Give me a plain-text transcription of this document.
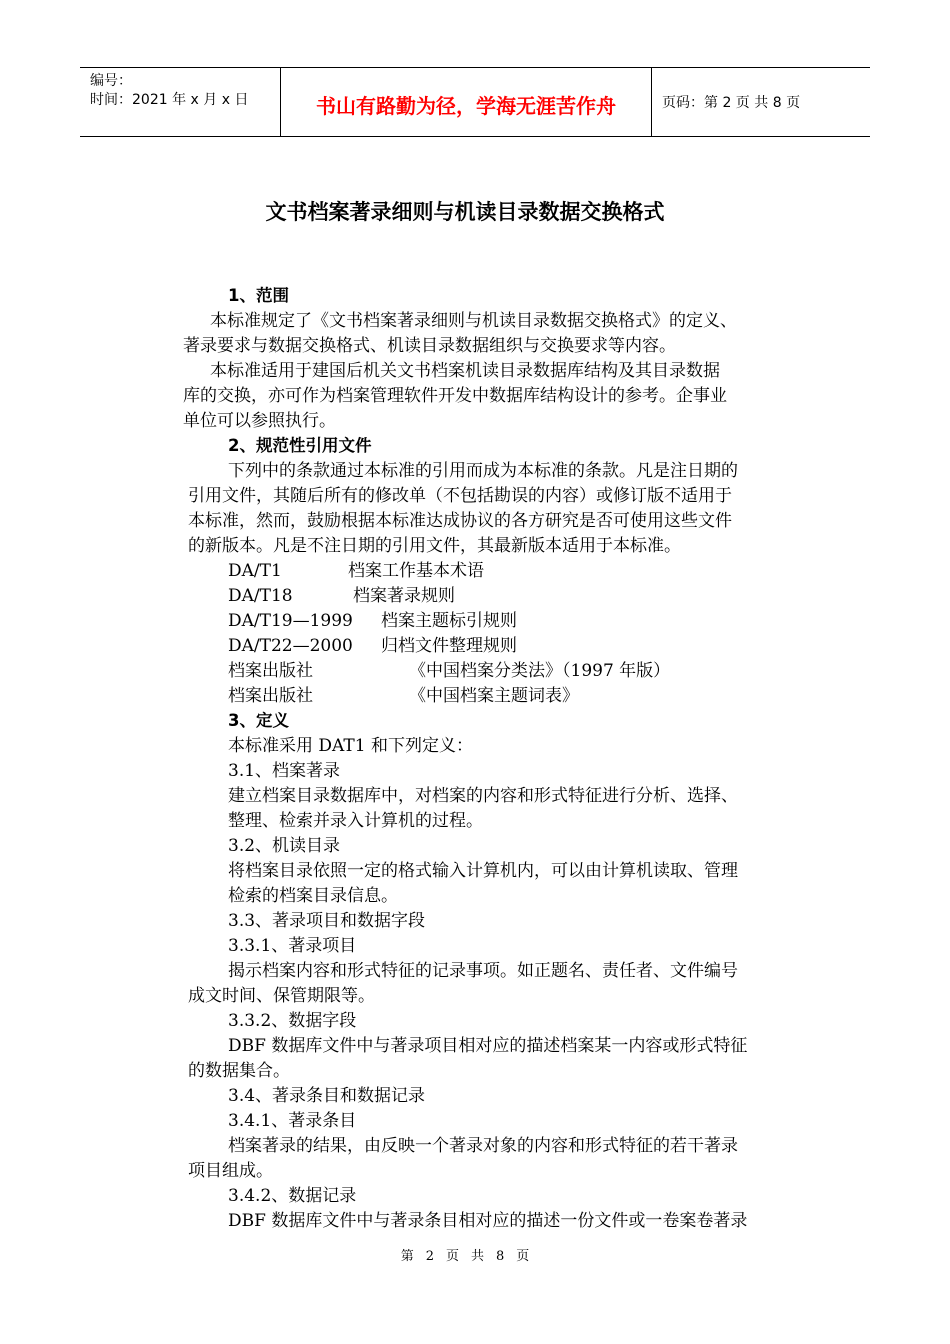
编号：
时间：2021 年 x 月 x 日	书山有路勤为径，学海无涯苦作舟	页码：第 2 页 共 8 页
文书档案著录细则与机读目录数据交换格式
1、范围
本标准规定了《文书档案著录细则与机读目录数据交换格式》的定义、
著录要求与数据交换格式、机读目录数据组织与交换要求等内容。
本标准适用于建国后机关文书档案机读目录数据库结构及其目录数据
库的交换，亦可作为档案管理软件开发中数据库结构设计的参考。企事业
单位可以参照执行。
2、规范性引用文件
下列中的条款通过本标准的引用而成为本标准的条款。凡是注日期的
引用文件，其随后所有的修改单（不包括勘误的内容）或修订版不适用于
本标准，然而，鼓励根据本标准达成协议的各方研究是否可使用这些文件
的新版本。凡是不注日期的引用文件，其最新版本适用于本标准。
DA/T1	档案工作基本术语
DA/T18	档案著录规则
DA/T19—1999 档案主题标引规则
DA/T22—2000 归档文件整理规则
档案出版社	《中国档案分类法》（1997 年版）
档案出版社	《中国档案主题词表》
3、定义
本标准采用 DAT1 和下列定义：
3.1、档案著录
建立档案目录数据库中，对档案的内容和形式特征进行分析、选择、
整理、检索并录入计算机的过程。
3.2、机读目录
将档案目录依照一定的格式输入计算机内，可以由计算机读取、管理
检索的档案目录信息。
3.3、著录项目和数据字段
3.3.1、著录项目
揭示档案内容和形式特征的记录事项。如正题名、责任者、文件编号
成文时间、保管期限等。
3.3.2、数据字段
DBF 数据库文件中与著录项目相对应的描述档案某一内容或形式特征
的数据集合。
3.4、著录条目和数据记录
3.4.1、著录条目
档案著录的结果，由反映一个著录对象的内容和形式特征的若干著录
项目组成。
3.4.2、数据记录
DBF 数据库文件中与著录条目相对应的描述一份文件或一卷案卷著录
第 2 页 共 8 页
